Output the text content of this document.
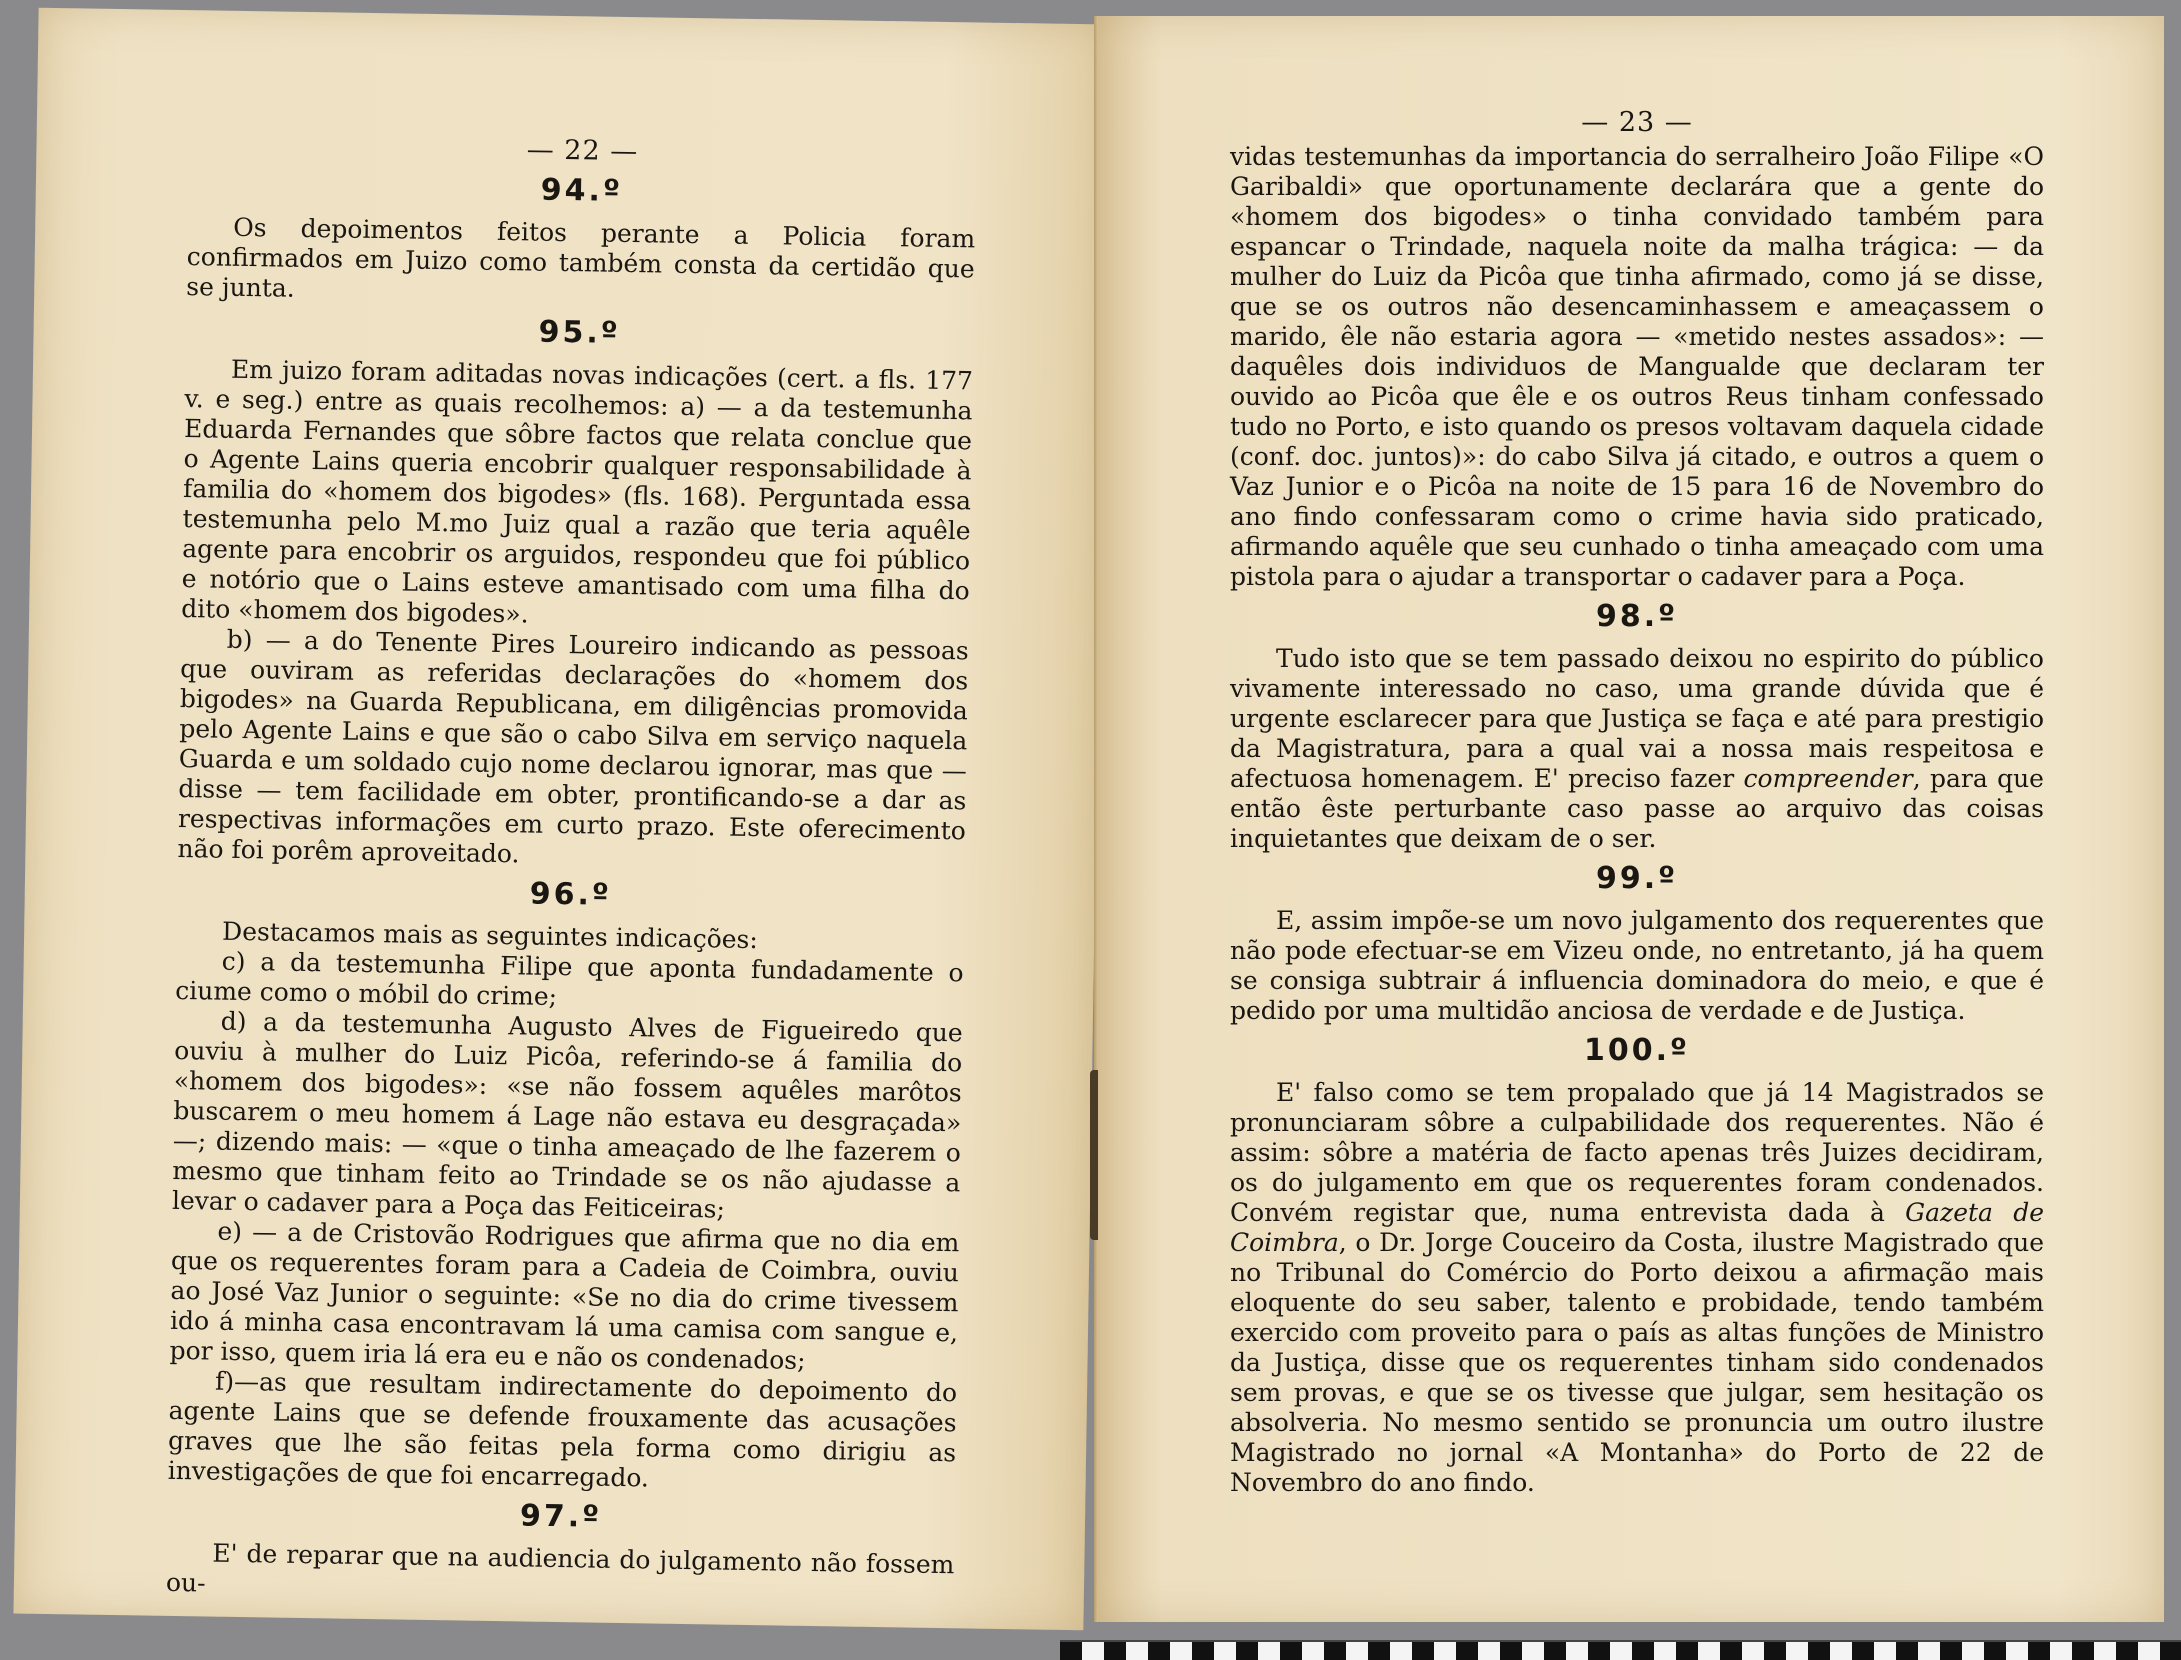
— 22 —
94.º

Os depoimentos feitos perante a Policia foram confirmados em Juizo como também consta da certidão que se junta.

95.º

Em juizo foram aditadas novas indicações (cert. a fls. 177 v. e seg.) entre as quais recolhemos: a) — a da testemunha Eduarda Fernandes que sôbre factos que relata conclue que o Agente Lains queria encobrir qualquer responsabilidade à familia do «homem dos bigodes» (fls. 168). Perguntada essa testemunha pelo M.mo Juiz qual a razão que teria aquêle agente para encobrir os arguidos, respondeu que foi público e notório que o Lains esteve amantisado com uma filha do dito «homem dos bigodes».

b) — a do Tenente Pires Loureiro indicando as pessoas que ouviram as referidas declarações do «homem dos bigodes» na Guarda Republicana, em diligências promovida pelo Agente Lains e que são o cabo Silva em serviço naquela Guarda e um soldado cujo nome declarou ignorar, mas que — disse — tem facilidade em obter, prontificando-se a dar as respectivas informações em curto prazo. Este oferecimento não foi porêm aproveitado.

96.º

Destacamos mais as seguintes indicações:

c) a da testemunha Filipe que aponta fundadamente o ciume como o móbil do crime;

d) a da testemunha Augusto Alves de Figueiredo que ouviu à mulher do Luiz Picôa, referindo-se á familia do «homem dos bigodes»: «se não fossem aquêles marôtos buscarem o meu homem á Lage não estava eu desgraçada» —; dizendo mais: — «que o tinha ameaçado de lhe fazerem o mesmo que tinham feito ao Trindade se os não ajudasse a levar o cadaver para a Poça das Feiticeiras;

e) — a de Cristovão Rodrigues que afirma que no dia em que os requerentes foram para a Cadeia de Coimbra, ouviu ao José Vaz Junior o seguinte: «Se no dia do crime tivessem ido á minha casa encontravam lá uma camisa com sangue e, por isso, quem iria lá era eu e não os condenados;

f)—as que resultam indirectamente do depoimento do agente Lains que se defende frouxamente das acusações graves que lhe são feitas pela forma como dirigiu as investigações de que foi encarregado.

97.º

E' de reparar que na audiencia do julgamento não fossem ou-

— 23 —

vidas testemunhas da importancia do serralheiro João Filipe «O Garibaldi» que oportunamente declarára que a gente do «homem dos bigodes» o tinha convidado também para espancar o Trindade, naquela noite da malha trágica: — da mulher do Luiz da Picôa que tinha afirmado, como já se disse, que se os outros não desencaminhassem e ameaçassem o marido, êle não estaria agora — «metido nestes assados»: — daquêles dois individuos de Mangualde que declaram ter ouvido ao Picôa que êle e os outros Reus tinham confessado tudo no Porto, e isto quando os presos voltavam daquela cidade (conf. doc. juntos)»: do cabo Silva já citado, e outros a quem o Vaz Junior e o Picôa na noite de 15 para 16 de Novembro do ano findo confessaram como o crime havia sido praticado, afirmando aquêle que seu cunhado o tinha ameaçado com uma pistola para o ajudar a transportar o cadaver para a Poça.

98.º

Tudo isto que se tem passado deixou no espirito do público vivamente interessado no caso, uma grande dúvida que é urgente esclarecer para que Justiça se faça e até para prestigio da Magistratura, para a qual vai a nossa mais respeitosa e afectuosa homenagem. E' preciso fazer compreender, para que então êste perturbante caso passe ao arquivo das coisas inquietantes que deixam de o ser.

99.º

E, assim impõe-se um novo julgamento dos requerentes que não pode efectuar-se em Vizeu onde, no entretanto, já ha quem se consiga subtrair á influencia dominadora do meio, e que é pedido por uma multidão anciosa de verdade e de Justiça.

100.º

E' falso como se tem propalado que já 14 Magistrados se pronunciaram sôbre a culpabilidade dos requerentes. Não é assim: sôbre a matéria de facto apenas três Juizes decidiram, os do julgamento em que os requerentes foram condenados. Convém registar que, numa entrevista dada à Gazeta de Coimbra, o Dr. Jorge Couceiro da Costa, ilustre Magistrado que no Tribunal do Comércio do Porto deixou a afirmação mais eloquente do seu saber, talento e probidade, tendo também exercido com proveito para o país as altas funções de Ministro da Justiça, disse que os requerentes tinham sido condenados sem provas, e que se os tivesse que julgar, sem hesitação os absolveria. No mesmo sentido se pronuncia um outro ilustre Magistrado no jornal «A Montanha» do Porto de 22 de Novembro do ano findo.
